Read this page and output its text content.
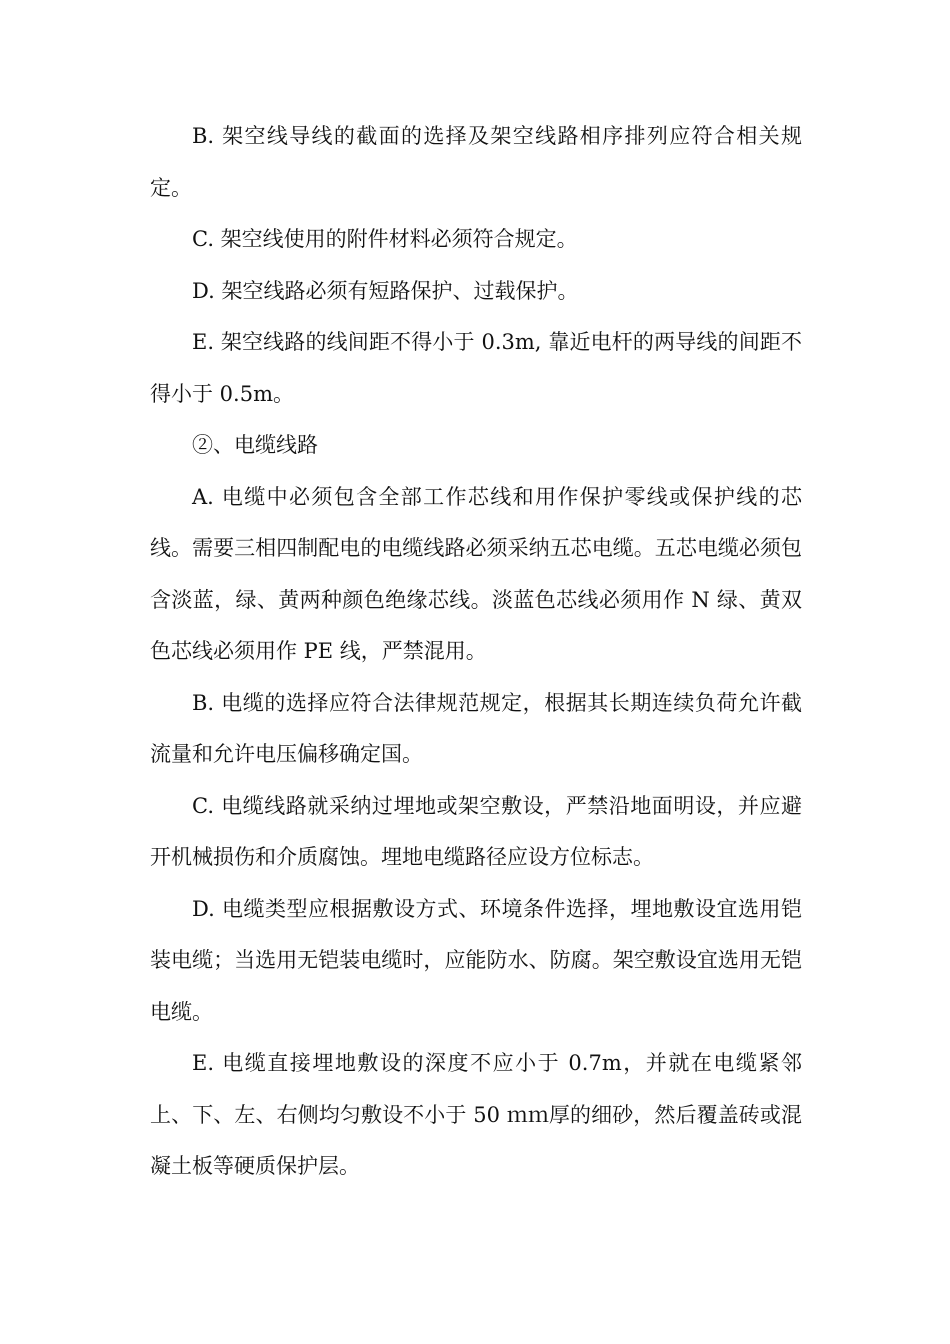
B. 架空线导线的截面的选择及架空线路相序排列应符合相关规定。

C. 架空线使用的附件材料必须符合规定。

D. 架空线路必须有短路保护、过载保护。

E. 架空线路的线间距不得小于 0.3m, 靠近电杆的两导线的间距不得小于 0.5m。

②、电缆线路

A. 电缆中必须包含全部工作芯线和用作保护零线或保护线的芯线。需要三相四制配电的电缆线路必须采纳五芯电缆。五芯电缆必须包含淡蓝，绿、黄两种颜色绝缘芯线。淡蓝色芯线必须用作 N 绿、黄双色芯线必须用作 PE 线，严禁混用。

B. 电缆的选择应符合法律规范规定，根据其长期连续负荷允许截流量和允许电压偏移确定国。

C. 电缆线路就采纳过埋地或架空敷设，严禁沿地面明设，并应避开机械损伤和介质腐蚀。埋地电缆路径应设方位标志。

D. 电缆类型应根据敷设方式、环境条件选择，埋地敷设宜选用铠装电缆；当选用无铠装电缆时，应能防水、防腐。架空敷设宜选用无铠电缆。

E. 电缆直接埋地敷设的深度不应小于 0.7m，并就在电缆紧邻上、下、左、右侧均匀敷设不小于 50 ｍｍ厚的细砂，然后覆盖砖或混凝土板等硬质保护层。
